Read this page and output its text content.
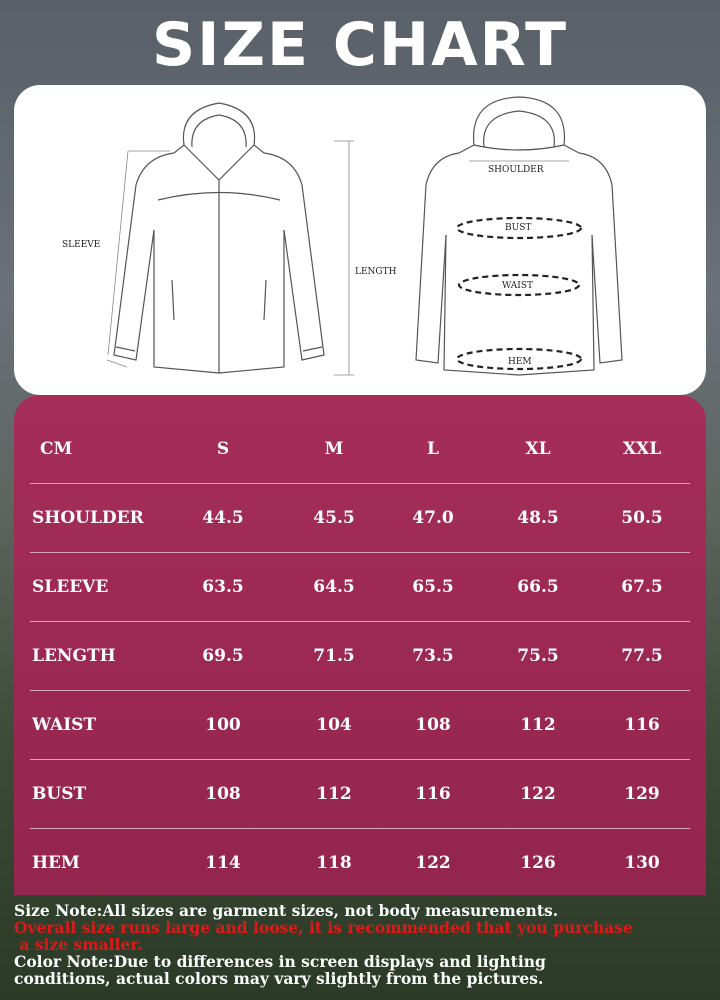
SIZE CHART
SLEEVE
LENGTH
SHOULDER
BUST
WAIST
HEM
CM	S	M	L	XL	XXL
SHOULDER	44.5	45.5	47.0	48.5	50.5
SLEEVE	63.5	64.5	65.5	66.5	67.5
LENGTH	69.5	71.5	73.5	75.5	77.5
WAIST	100	104	108	112	116
BUST	108	112	116	122	129
HEM	114	118	122	126	130
Size Note:All sizes are garment sizes, not body measurements.
Overall size runs large and loose, it is recommended that you purchase
a size smaller.
Color Note:Due to differences in screen displays and lighting
conditions, actual colors may vary slightly from the pictures.
